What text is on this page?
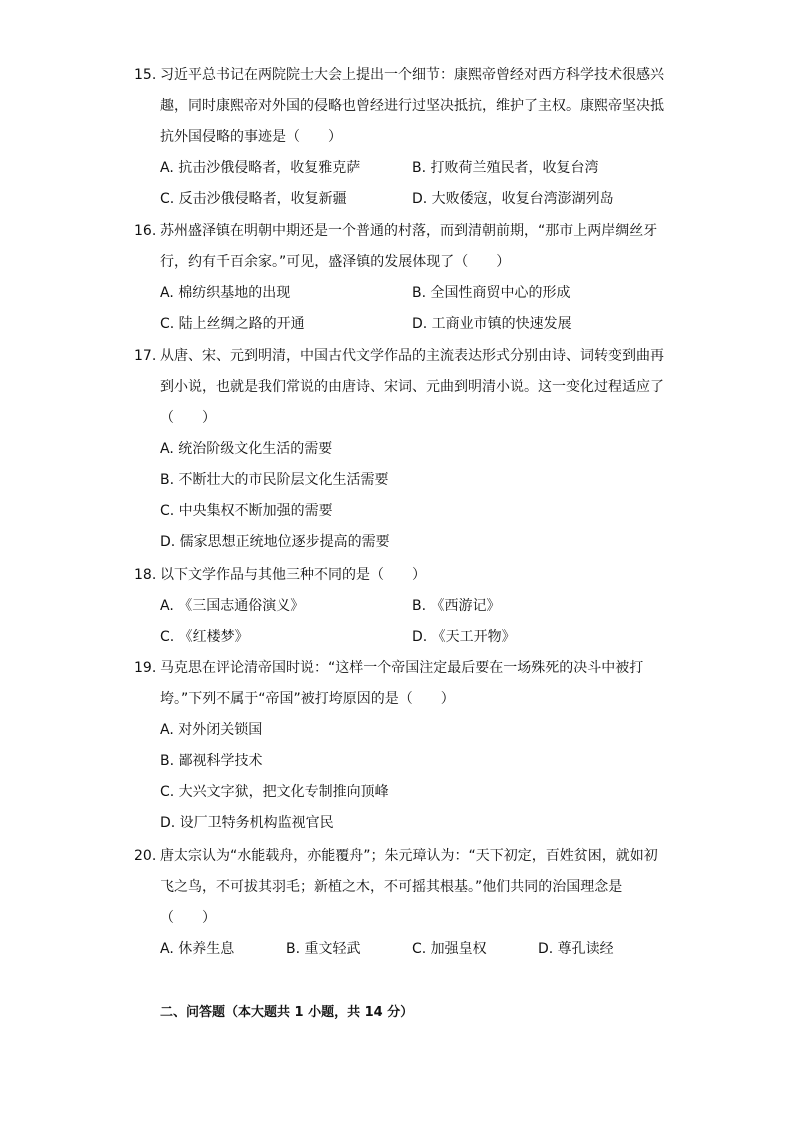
15. 习近平总书记在两院院士大会上提出一个细节：康熙帝曾经对西方科学技术很感兴趣，同时康熙帝对外国的侵略也曾经进行过坚决抵抗，维护了主权。康熙帝坚决抵抗外国侵略的事迹是（　　）
A. 抗击沙俄侵略者，收复雅克萨	B. 打败荷兰殖民者，收复台湾
C. 反击沙俄侵略者，收复新疆	D. 大败倭寇，收复台湾澎湖列岛
16. 苏州盛泽镇在明朝中期还是一个普通的村落，而到清朝前期，“那市上两岸绸丝牙行，约有千百余家。”可见，盛泽镇的发展体现了（　　）
A. 棉纺织基地的出现	B. 全国性商贸中心的形成
C. 陆上丝绸之路的开通	D. 工商业市镇的快速发展
17. 从唐、宋、元到明清，中国古代文学作品的主流表达形式分别由诗、词转变到曲再到小说，也就是我们常说的由唐诗、宋词、元曲到明清小说。这一变化过程适应了（　　）
A. 统治阶级文化生活的需要
B. 不断壮大的市民阶层文化生活需要
C. 中央集权不断加强的需要
D. 儒家思想正统地位逐步提高的需要
18. 以下文学作品与其他三种不同的是（　　）
A. 《三国志通俗演义》	B. 《西游记》
C. 《红楼梦》	D. 《天工开物》
19. 马克思在评论清帝国时说：“这样一个帝国注定最后要在一场殊死的决斗中被打垮。”下列不属于“帝国”被打垮原因的是（　　）
A. 对外闭关锁国
B. 鄙视科学技术
C. 大兴文字狱，把文化专制推向顶峰
D. 设厂卫特务机构监视官民
20. 唐太宗认为“水能载舟，亦能覆舟”；朱元璋认为：“天下初定，百姓贫困，就如初飞之鸟，不可拔其羽毛；新植之木，不可摇其根基。”他们共同的治国理念是（　　）
A. 休养生息	B. 重文轻武	C. 加强皇权	D. 尊孔读经
二、问答题（本大题共 1 小题，共 14 分）
